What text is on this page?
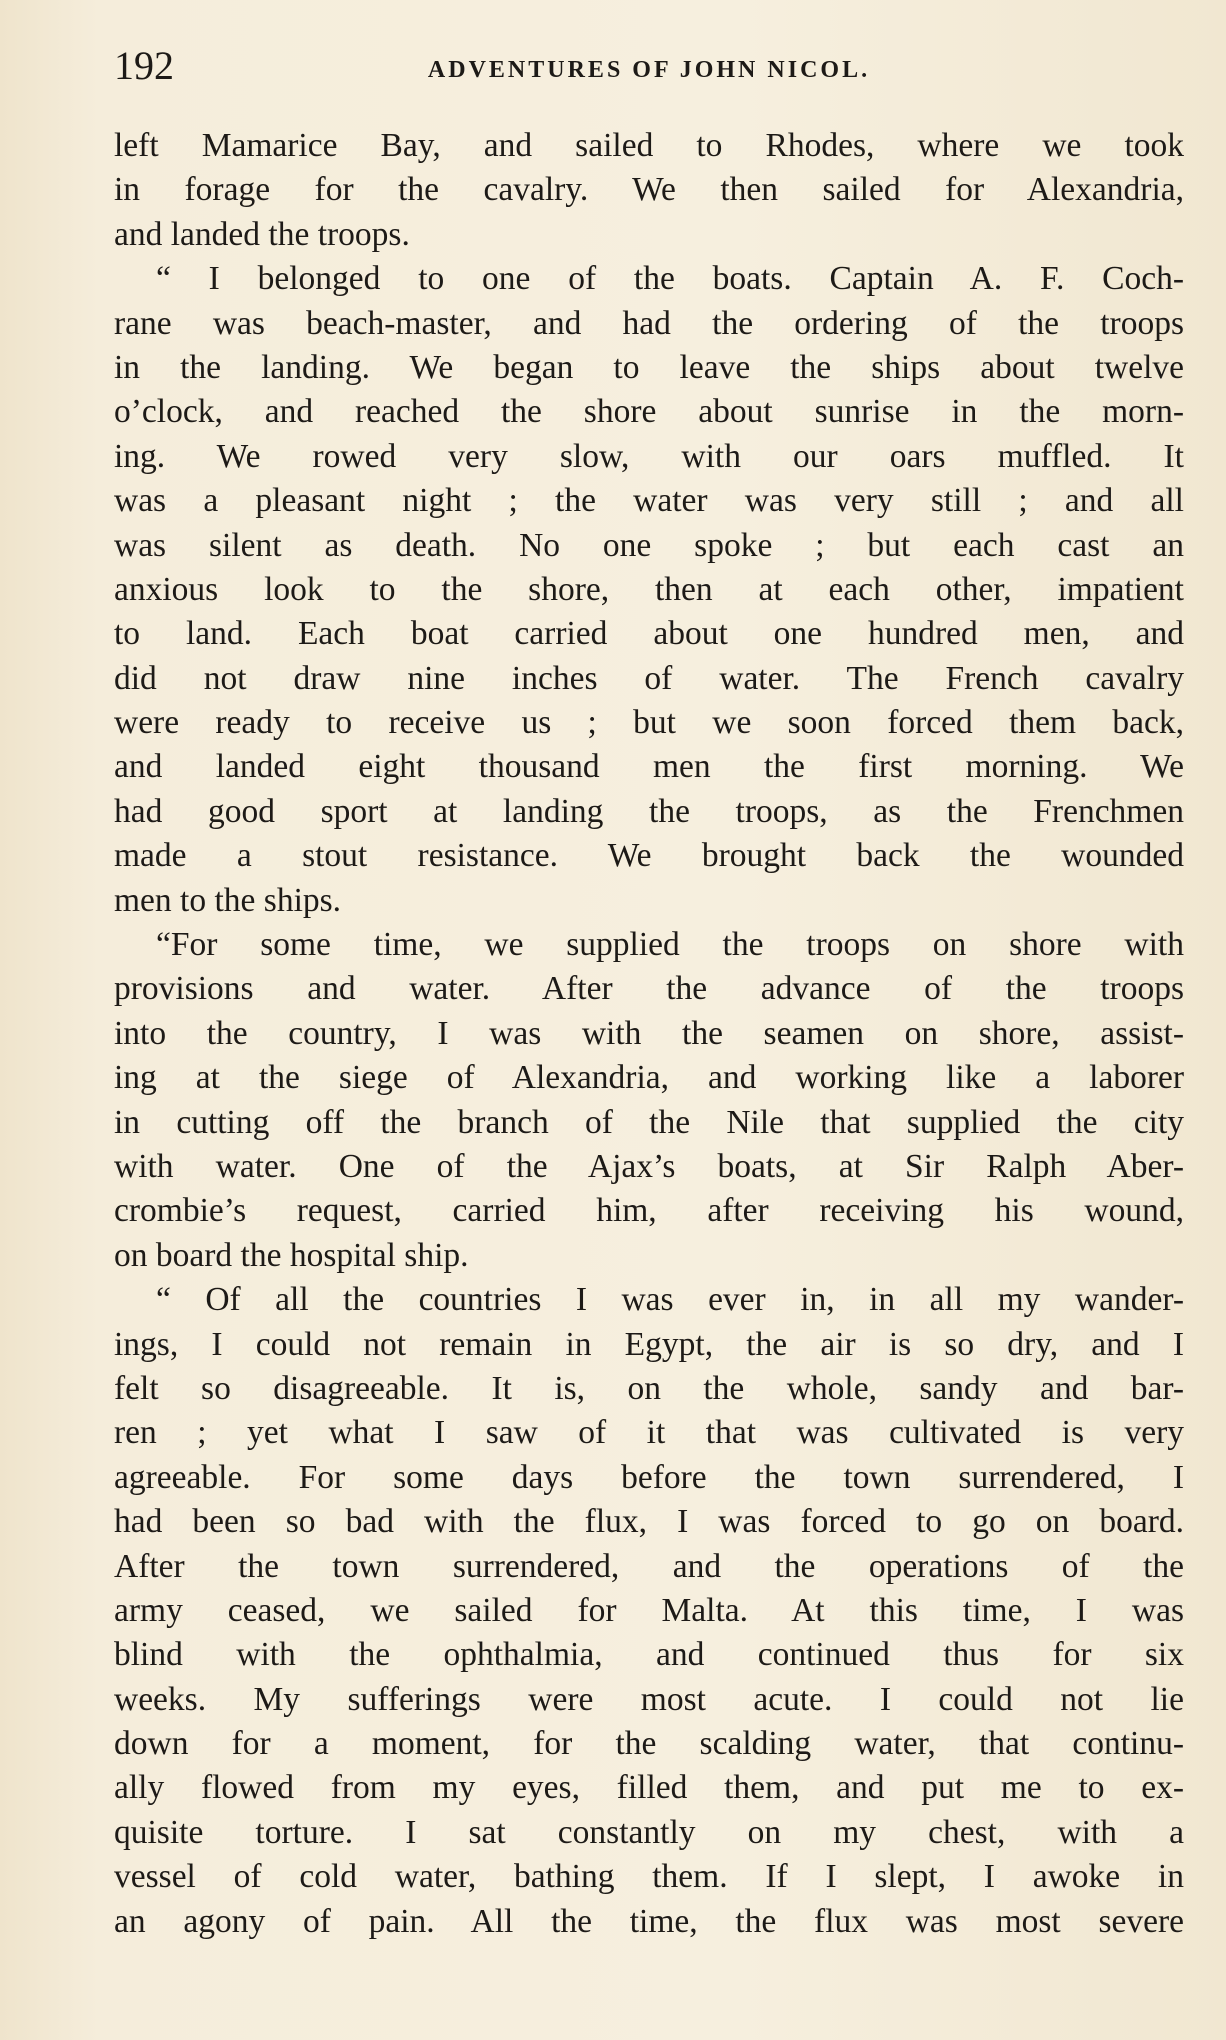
192	ADVENTURES OF JOHN NICOL.
left Mamarice Bay, and sailed to Rhodes, where we took
in forage for the cavalry. We then sailed for Alexandria,
and landed the troops.
“ I belonged to one of the boats. Captain A. F. Coch-
rane was beach-master, and had the ordering of the troops
in the landing. We began to leave the ships about twelve
o’clock, and reached the shore about sunrise in the morn-
ing. We rowed very slow, with our oars muffled. It
was a pleasant night ; the water was very still ; and all
was silent as death. No one spoke ; but each cast an
anxious look to the shore, then at each other, impatient
to land. Each boat carried about one hundred men, and
did not draw nine inches of water. The French cavalry
were ready to receive us ; but we soon forced them back,
and landed eight thousand men the first morning. We
had good sport at landing the troops, as the Frenchmen
made a stout resistance. We brought back the wounded
men to the ships.
“For some time, we supplied the troops on shore with
provisions and water. After the advance of the troops
into the country, I was with the seamen on shore, assist-
ing at the siege of Alexandria, and working like a laborer
in cutting off the branch of the Nile that supplied the city
with water. One of the Ajax’s boats, at Sir Ralph Aber-
crombie’s request, carried him, after receiving his wound,
on board the hospital ship.
“ Of all the countries I was ever in, in all my wander-
ings, I could not remain in Egypt, the air is so dry, and I
felt so disagreeable. It is, on the whole, sandy and bar-
ren ; yet what I saw of it that was cultivated is very
agreeable. For some days before the town surrendered, I
had been so bad with the flux, I was forced to go on board.
After the town surrendered, and the operations of the
army ceased, we sailed for Malta. At this time, I was
blind with the ophthalmia, and continued thus for six
weeks. My sufferings were most acute. I could not lie
down for a moment, for the scalding water, that continu-
ally flowed from my eyes, filled them, and put me to ex-
quisite torture. I sat constantly on my chest, with a
vessel of cold water, bathing them. If I slept, I awoke in
an agony of pain. All the time, the flux was most severe
